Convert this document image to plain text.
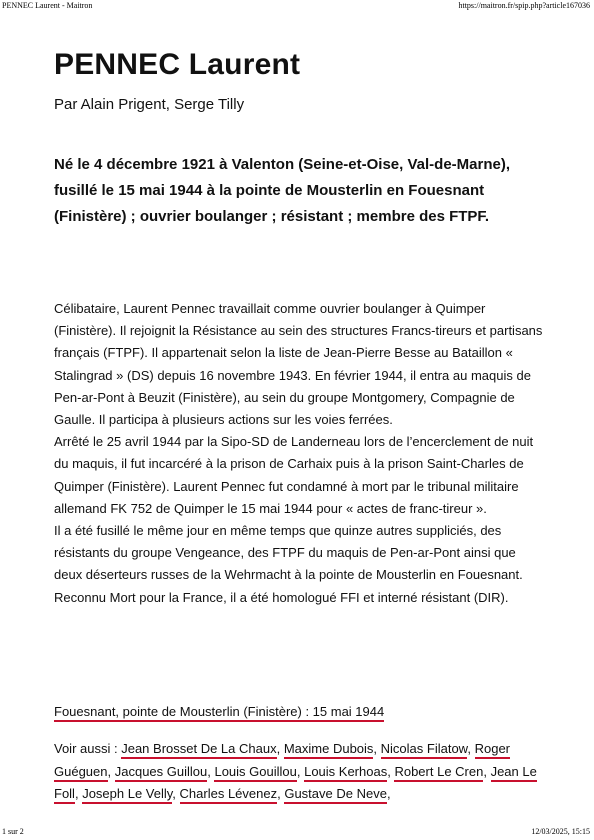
PENNEC Laurent - Maitron	https://maitron.fr/spip.php?article167036
PENNEC Laurent
Par Alain Prigent, Serge Tilly
Né le 4 décembre 1921 à Valenton (Seine-et-Oise, Val-de-Marne), fusillé le 15 mai 1944 à la pointe de Mousterlin en Fouesnant (Finistère) ; ouvrier boulanger ; résistant ; membre des FTPF.

Célibataire, Laurent Pennec travaillait comme ouvrier boulanger à Quimper (Finistère). Il rejoignit la Résistance au sein des structures Francs-tireurs et partisans français (FTPF). Il appartenait selon la liste de Jean-Pierre Besse au Bataillon « Stalingrad » (DS) depuis 16 novembre 1943. En février 1944, il entra au maquis de Pen-ar-Pont à Beuzit (Finistère), au sein du groupe Montgomery, Compagnie de Gaulle. Il participa à plusieurs actions sur les voies ferrées.

Arrêté le 25 avril 1944 par la Sipo-SD de Landerneau lors de l’encerclement de nuit du maquis, il fut incarcéré à la prison de Carhaix puis à la prison Saint-Charles de Quimper (Finistère). Laurent Pennec fut condamné à mort par le tribunal militaire allemand FK 752 de Quimper le 15 mai 1944 pour « actes de franc-tireur ».

Il a été fusillé le même jour en même temps que quinze autres suppliciés, des résistants du groupe Vengeance, des FTPF du maquis de Pen-ar-Pont ainsi que deux déserteurs russes de la Wehrmacht à la pointe de Mousterlin en Fouesnant.

Reconnu Mort pour la France, il a été homologué FFI et interné résistant (DIR).

Fouesnant, pointe de Mousterlin (Finistère) : 15 mai 1944
Voir aussi : Jean Brosset De La Chaux, Maxime Dubois, Nicolas Filatow, Roger Guéguen, Jacques Guillou, Louis Gouillou, Louis Kerhoas, Robert Le Cren, Jean Le Foll, Joseph Le Velly, Charles Lévenez, Gustave De Neve,
1 sur 2	12/03/2025, 15:15
